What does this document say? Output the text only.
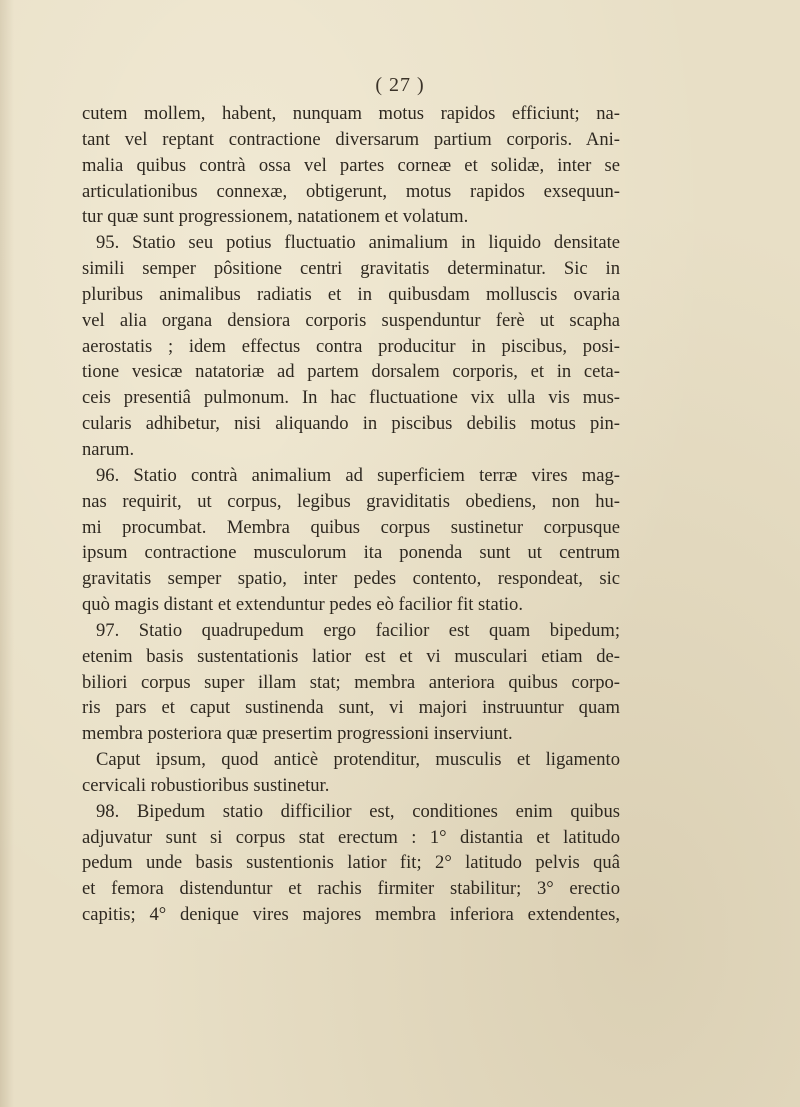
( 27 )
cutem mollem, habent, nunquam motus rapidos efficiunt; na-
tant vel reptant contractione diversarum partium corporis. Ani-
malia quibus contrà ossa vel partes corneæ et solidæ, inter se
articulationibus connexæ, obtigerunt, motus rapidos exsequun-
tur quæ sunt progressionem, natationem et volatum.
95. Statio seu potius fluctuatio animalium in liquido densitate
simili semper pôsitione centri gravitatis determinatur. Sic in
pluribus animalibus radiatis et in quibusdam molluscis ovaria
vel alia organa densiora corporis suspenduntur ferè ut scapha
aerostatis ; idem effectus contra producitur in piscibus, posi-
tione vesicæ natatoriæ ad partem dorsalem corporis, et in ceta-
ceis presentiâ pulmonum. In hac fluctuatione vix ulla vis mus-
cularis adhibetur, nisi aliquando in piscibus debilis motus pin-
narum.
96. Statio contrà animalium ad superficiem terræ vires mag-
nas requirit, ut corpus, legibus graviditatis obediens, non hu-
mi procumbat. Membra quibus corpus sustinetur corpusque
ipsum contractione musculorum ita ponenda sunt ut centrum
gravitatis semper spatio, inter pedes contento, respondeat, sic
quò magis distant et extenduntur pedes eò facilior fit statio.
97. Statio quadrupedum ergo facilior est quam bipedum;
etenim basis sustentationis latior est et vi musculari etiam de-
biliori corpus super illam stat; membra anteriora quibus corpo-
ris pars et caput sustinenda sunt, vi majori instruuntur quam
membra posteriora quæ presertim progressioni inserviunt.
Caput ipsum, quod anticè protenditur, musculis et ligamento
cervicali robustioribus sustinetur.
98. Bipedum statio difficilior est, conditiones enim quibus
adjuvatur sunt si corpus stat erectum : 1° distantia et latitudo
pedum unde basis sustentionis latior fit; 2° latitudo pelvis quâ
et femora distenduntur et rachis firmiter stabilitur; 3° erectio
capitis; 4° denique vires majores membra inferiora extendentes,
